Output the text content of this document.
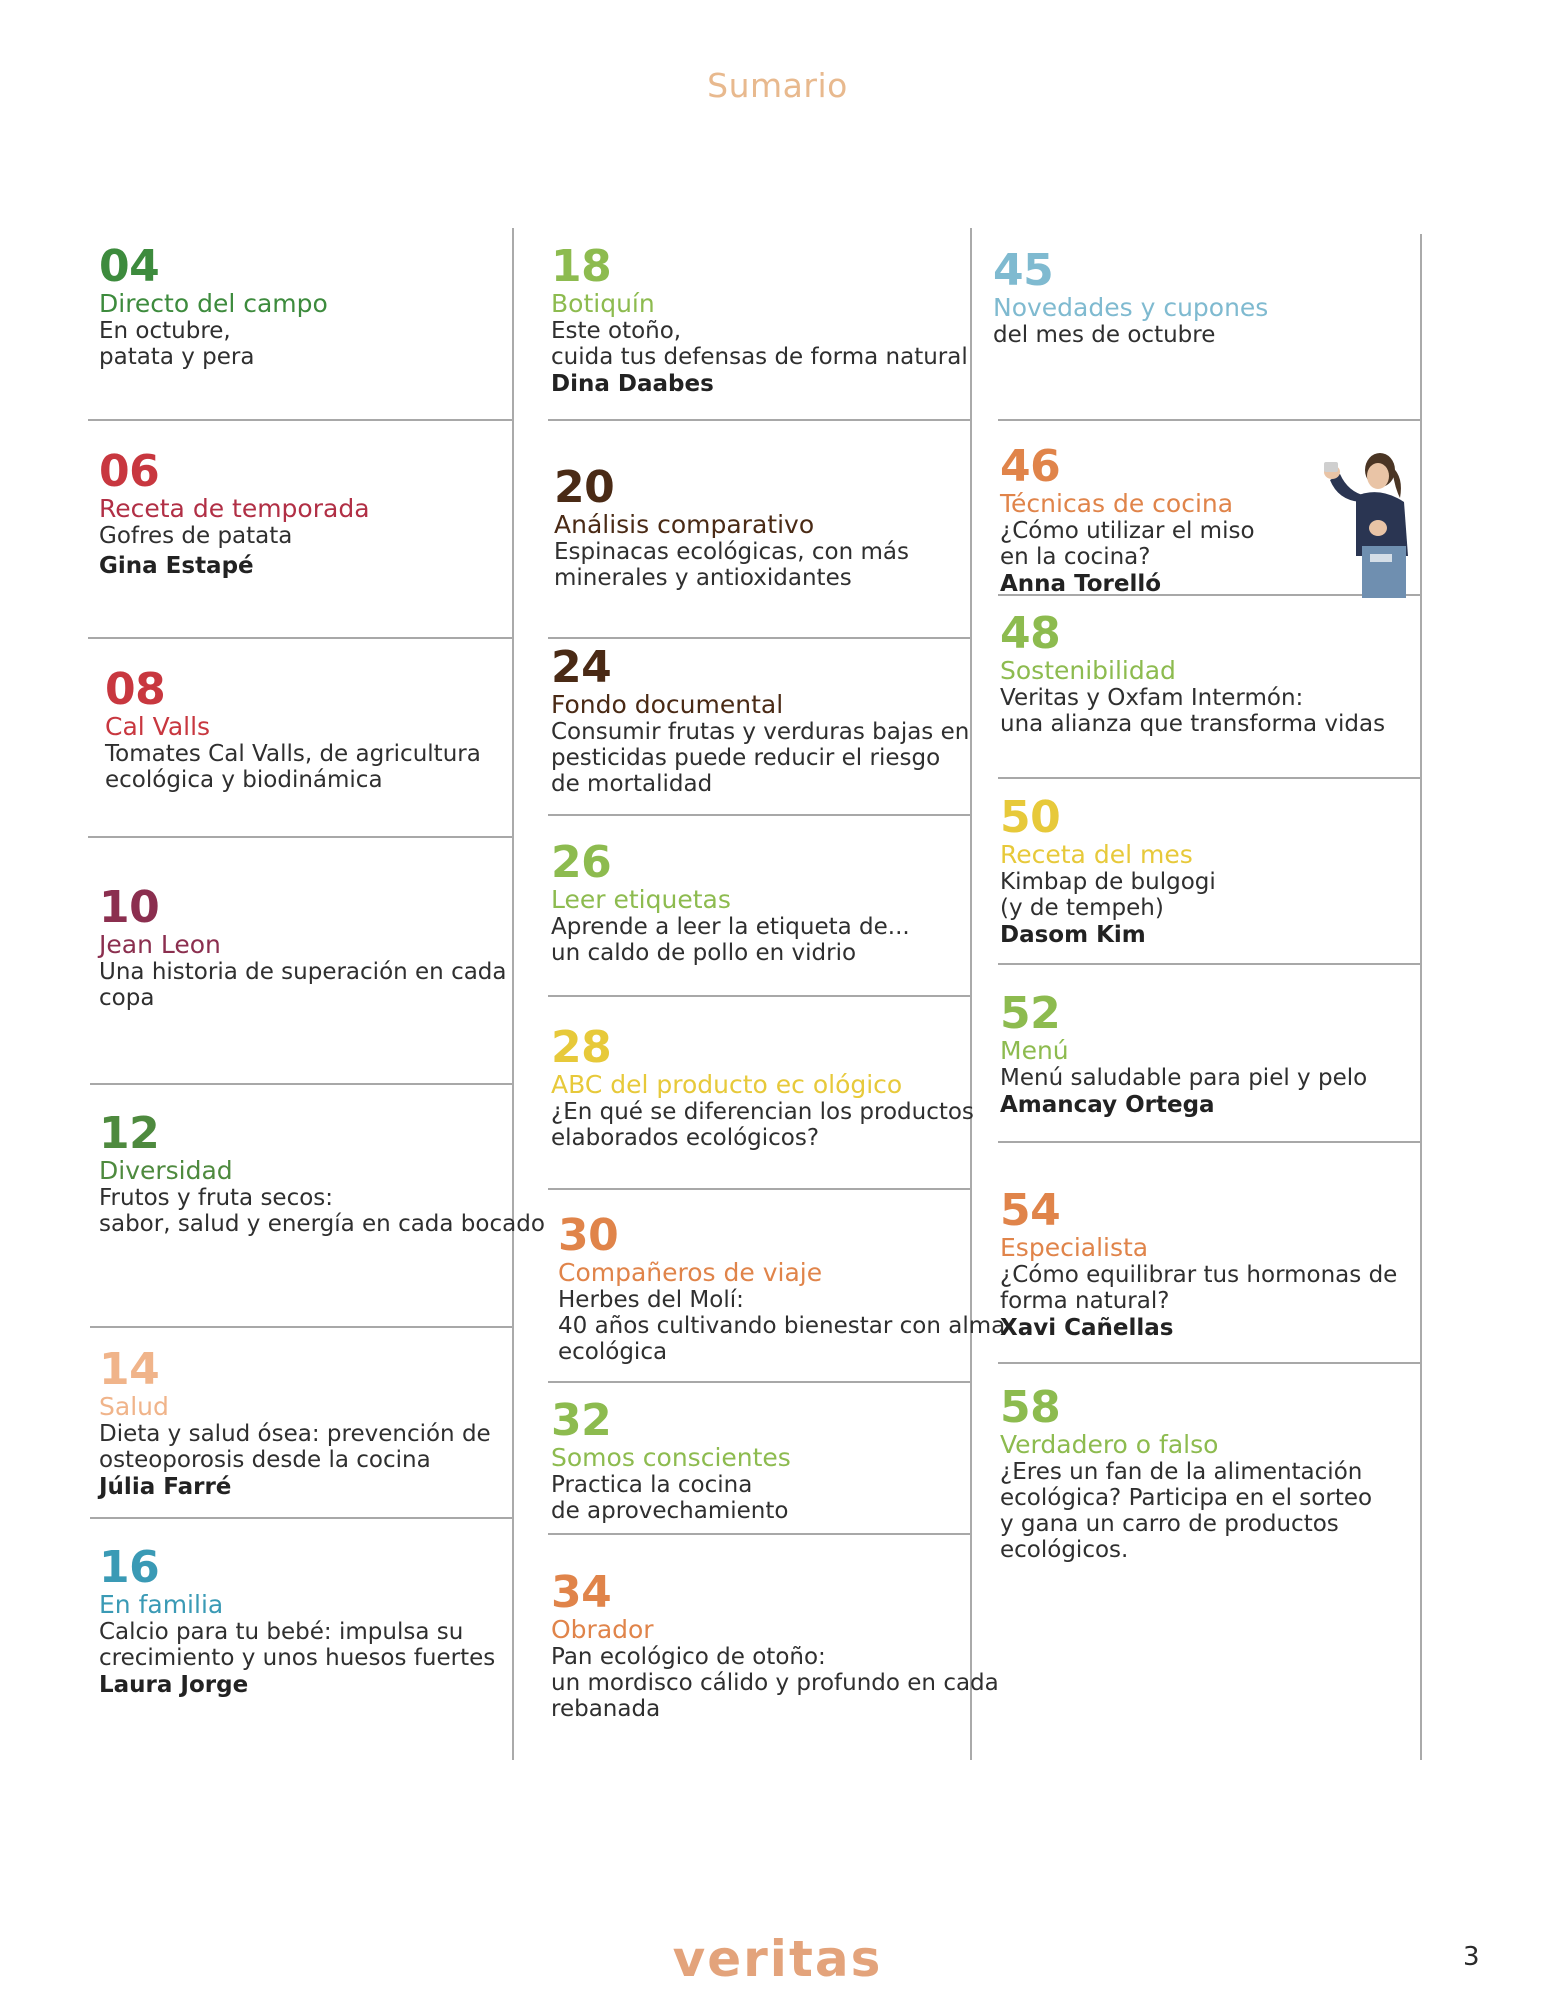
Sumario
04
Directo del campo
En octubre,
patata y pera
06
Receta de temporada
Gofres de patata
Gina Estapé
08
Cal Valls
Tomates Cal Valls, de agricultura
ecológica y biodinámica
10
Jean Leon
Una historia de superación en cada
copa
12
Diversidad
Frutos y fruta secos:
sabor, salud y energía en cada bocado
14
Salud
Dieta y salud ósea: prevención de
osteoporosis desde la cocina
Júlia Farré
16
En familia
Calcio para tu bebé: impulsa su
crecimiento y unos huesos fuertes
Laura Jorge
18
Botiquín
Este otoño,
cuida tus defensas de forma natural
Dina Daabes
20
Análisis comparativo
Espinacas ecológicas, con más
minerales y antioxidantes
24
Fondo documental
Consumir frutas y verduras bajas en
pesticidas puede reducir el riesgo
de mortalidad
26
Leer etiquetas
Aprende a leer la etiqueta de...
un caldo de pollo en vidrio
28
ABC del producto ec ológico
¿En qué se diferencian los productos
elaborados ecológicos?
30
Compañeros de viaje
Herbes del Molí:
40 años cultivando bienestar con alma
ecológica
32
Somos conscientes
Practica la cocina
de aprovechamiento
34
Obrador
Pan ecológico de otoño:
un mordisco cálido y profundo en cada
rebanada
45
Novedades y cupones
del mes de octubre
46
Técnicas de cocina
¿Cómo utilizar el miso
en la cocina?
Anna Torelló
48
Sostenibilidad
Veritas y Oxfam Intermón:
una alianza que transforma vidas
50
Receta del mes
Kimbap de bulgogi
(y de tempeh)
Dasom Kim
52
Menú
Menú saludable para piel y pelo
Amancay Ortega
54
Especialista
¿Cómo equilibrar tus hormonas de
forma natural?
Xavi Cañellas
58
Verdadero o falso
¿Eres un fan de la alimentación
ecológica? Participa en el sorteo
y gana un carro de productos
ecológicos.
veritas	3
